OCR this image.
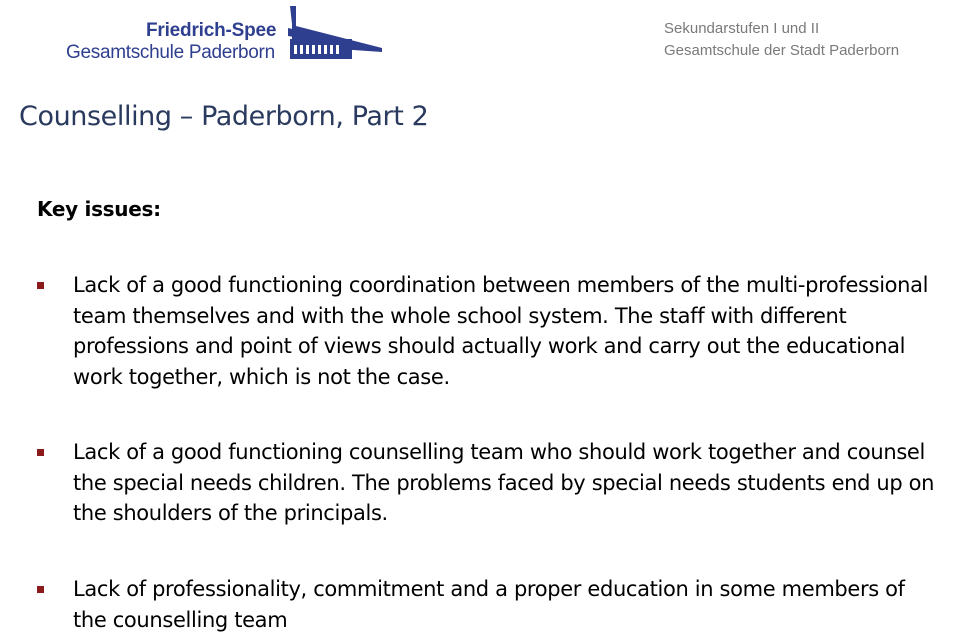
Friedrich-Spee
Gesamtschule Paderborn
Sekundarstufen I und II
Gesamtschule der Stadt Paderborn
Counselling – Paderborn, Part 2
Key issues:
Lack of a good functioning coordination between members of the multi-professional team themselves and with the whole school system. The staff with different professions and point of views should actually work and carry out the educational work together, which is not the case.
Lack of a good functioning counselling team who should work together and counsel the special needs children. The problems faced by special needs students end up on the shoulders of the principals.
Lack of professionality, commitment and a proper education in some members of the counselling team
